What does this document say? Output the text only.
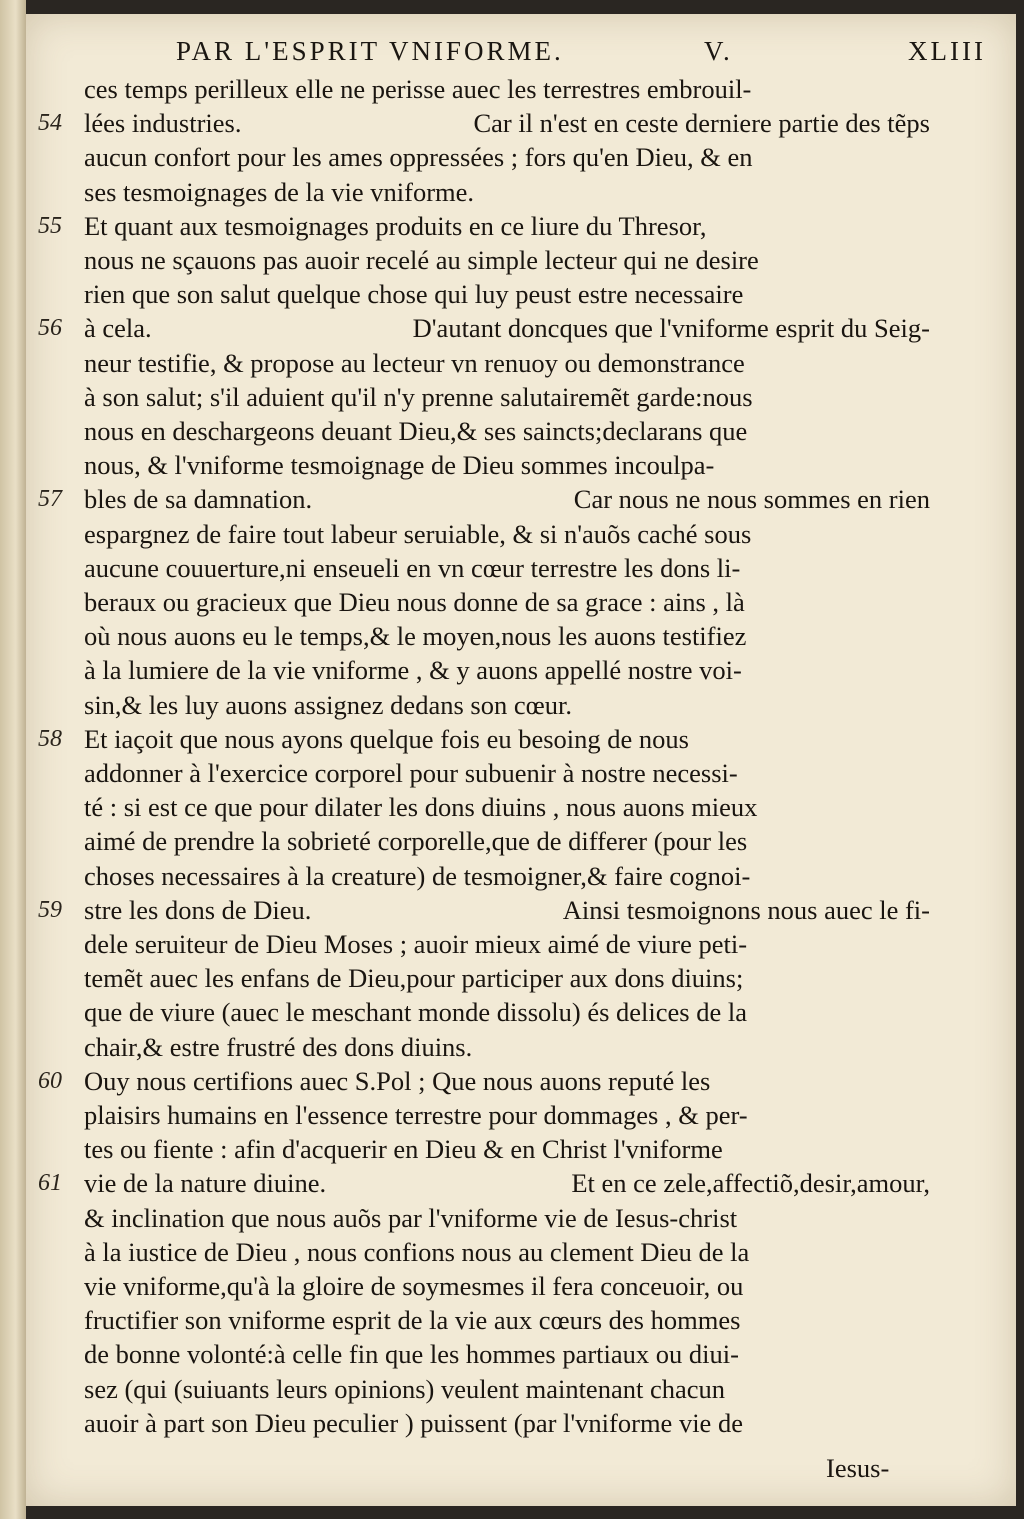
PAR L'ESPRIT VNIFORME.	V.	XLIII
ces temps perilleux elle ne perisse auec les terrestres embrouil-
54 lées industries.	Car il n'est en ceste derniere partie des tẽps
aucun confort pour les ames oppressées ; fors qu'en Dieu, & en
ses tesmoignages de la vie vniforme.
55 Et quant aux tesmoignages produits en ce liure du Thresor,
nous ne sçauons pas auoir recelé au simple lecteur qui ne desire
rien que son salut quelque chose qui luy peust estre necessaire
56 à cela.	D'autant doncques que l'vniforme esprit du Seig-
neur testifie, & propose au lecteur vn renuoy ou demonstrance
à son salut; s'il aduient qu'il n'y prenne salutairemẽt garde:nous
nous en deschargeons deuant Dieu,& ses saincts;declarans que
nous, & l'vniforme tesmoignage de Dieu sommes incoulpa-
57 bles de sa damnation.	Car nous ne nous sommes en rien
espargnez de faire tout labeur seruiable, & si n'auõs caché sous
aucune couuerture,ni enseueli en vn cœur terrestre les dons li-
beraux ou gracieux que Dieu nous donne de sa grace : ains , là
où nous auons eu le temps,& le moyen,nous les auons testifiez
à la lumiere de la vie vniforme , & y auons appellé nostre voi-
sin,& les luy auons assignez dedans son cœur.
58 Et iaçoit que nous ayons quelque fois eu besoing de nous
addonner à l'exercice corporel pour subuenir à nostre necessi-
té : si est ce que pour dilater les dons diuins , nous auons mieux
aimé de prendre la sobrieté corporelle,que de differer (pour les
choses necessaires à la creature) de tesmoigner,& faire cognoi-
59 stre les dons de Dieu.	Ainsi tesmoignons nous auec le fi-
dele seruiteur de Dieu Moses ; auoir mieux aimé de viure peti-
temẽt auec les enfans de Dieu,pour participer aux dons diuins;
que de viure (auec le meschant monde dissolu) és delices de la
chair,& estre frustré des dons diuins.
60 Ouy nous certifions auec S.Pol ; Que nous auons reputé les
plaisirs humains en l'essence terrestre pour dommages , & per-
tes ou fiente : afin d'acquerir en Dieu & en Christ l'vniforme
61 vie de la nature diuine.	Et en ce zele,affectiõ,desir,amour,
& inclination que nous auõs par l'vniforme vie de Iesus-christ
à la iustice de Dieu , nous confions nous au clement Dieu de la
vie vniforme,qu'à la gloire de soymesmes il fera conceuoir, ou
fructifier son vniforme esprit de la vie aux cœurs des hommes
de bonne volonté:à celle fin que les hommes partiaux ou diui-
sez (qui (suiuants leurs opinions) veulent maintenant chacun
auoir à part son Dieu peculier ) puissent (par l'vniforme vie de
Iesus-
